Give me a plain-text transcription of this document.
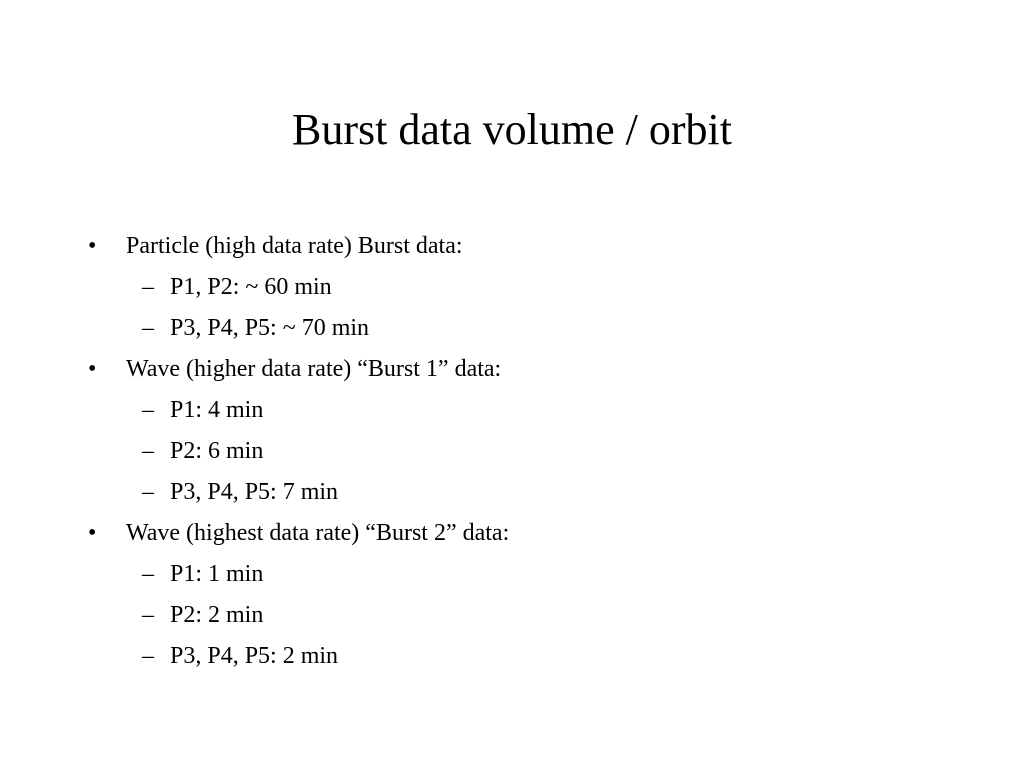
Burst data volume / orbit
• Particle (high data rate) Burst data:
– P1, P2: ~ 60 min
– P3, P4, P5: ~ 70 min
• Wave (higher data rate) “Burst 1” data:
– P1: 4 min
– P2: 6 min
– P3, P4, P5: 7 min
• Wave (highest data rate) “Burst 2” data:
– P1: 1 min
– P2: 2 min
– P3, P4, P5: 2 min
